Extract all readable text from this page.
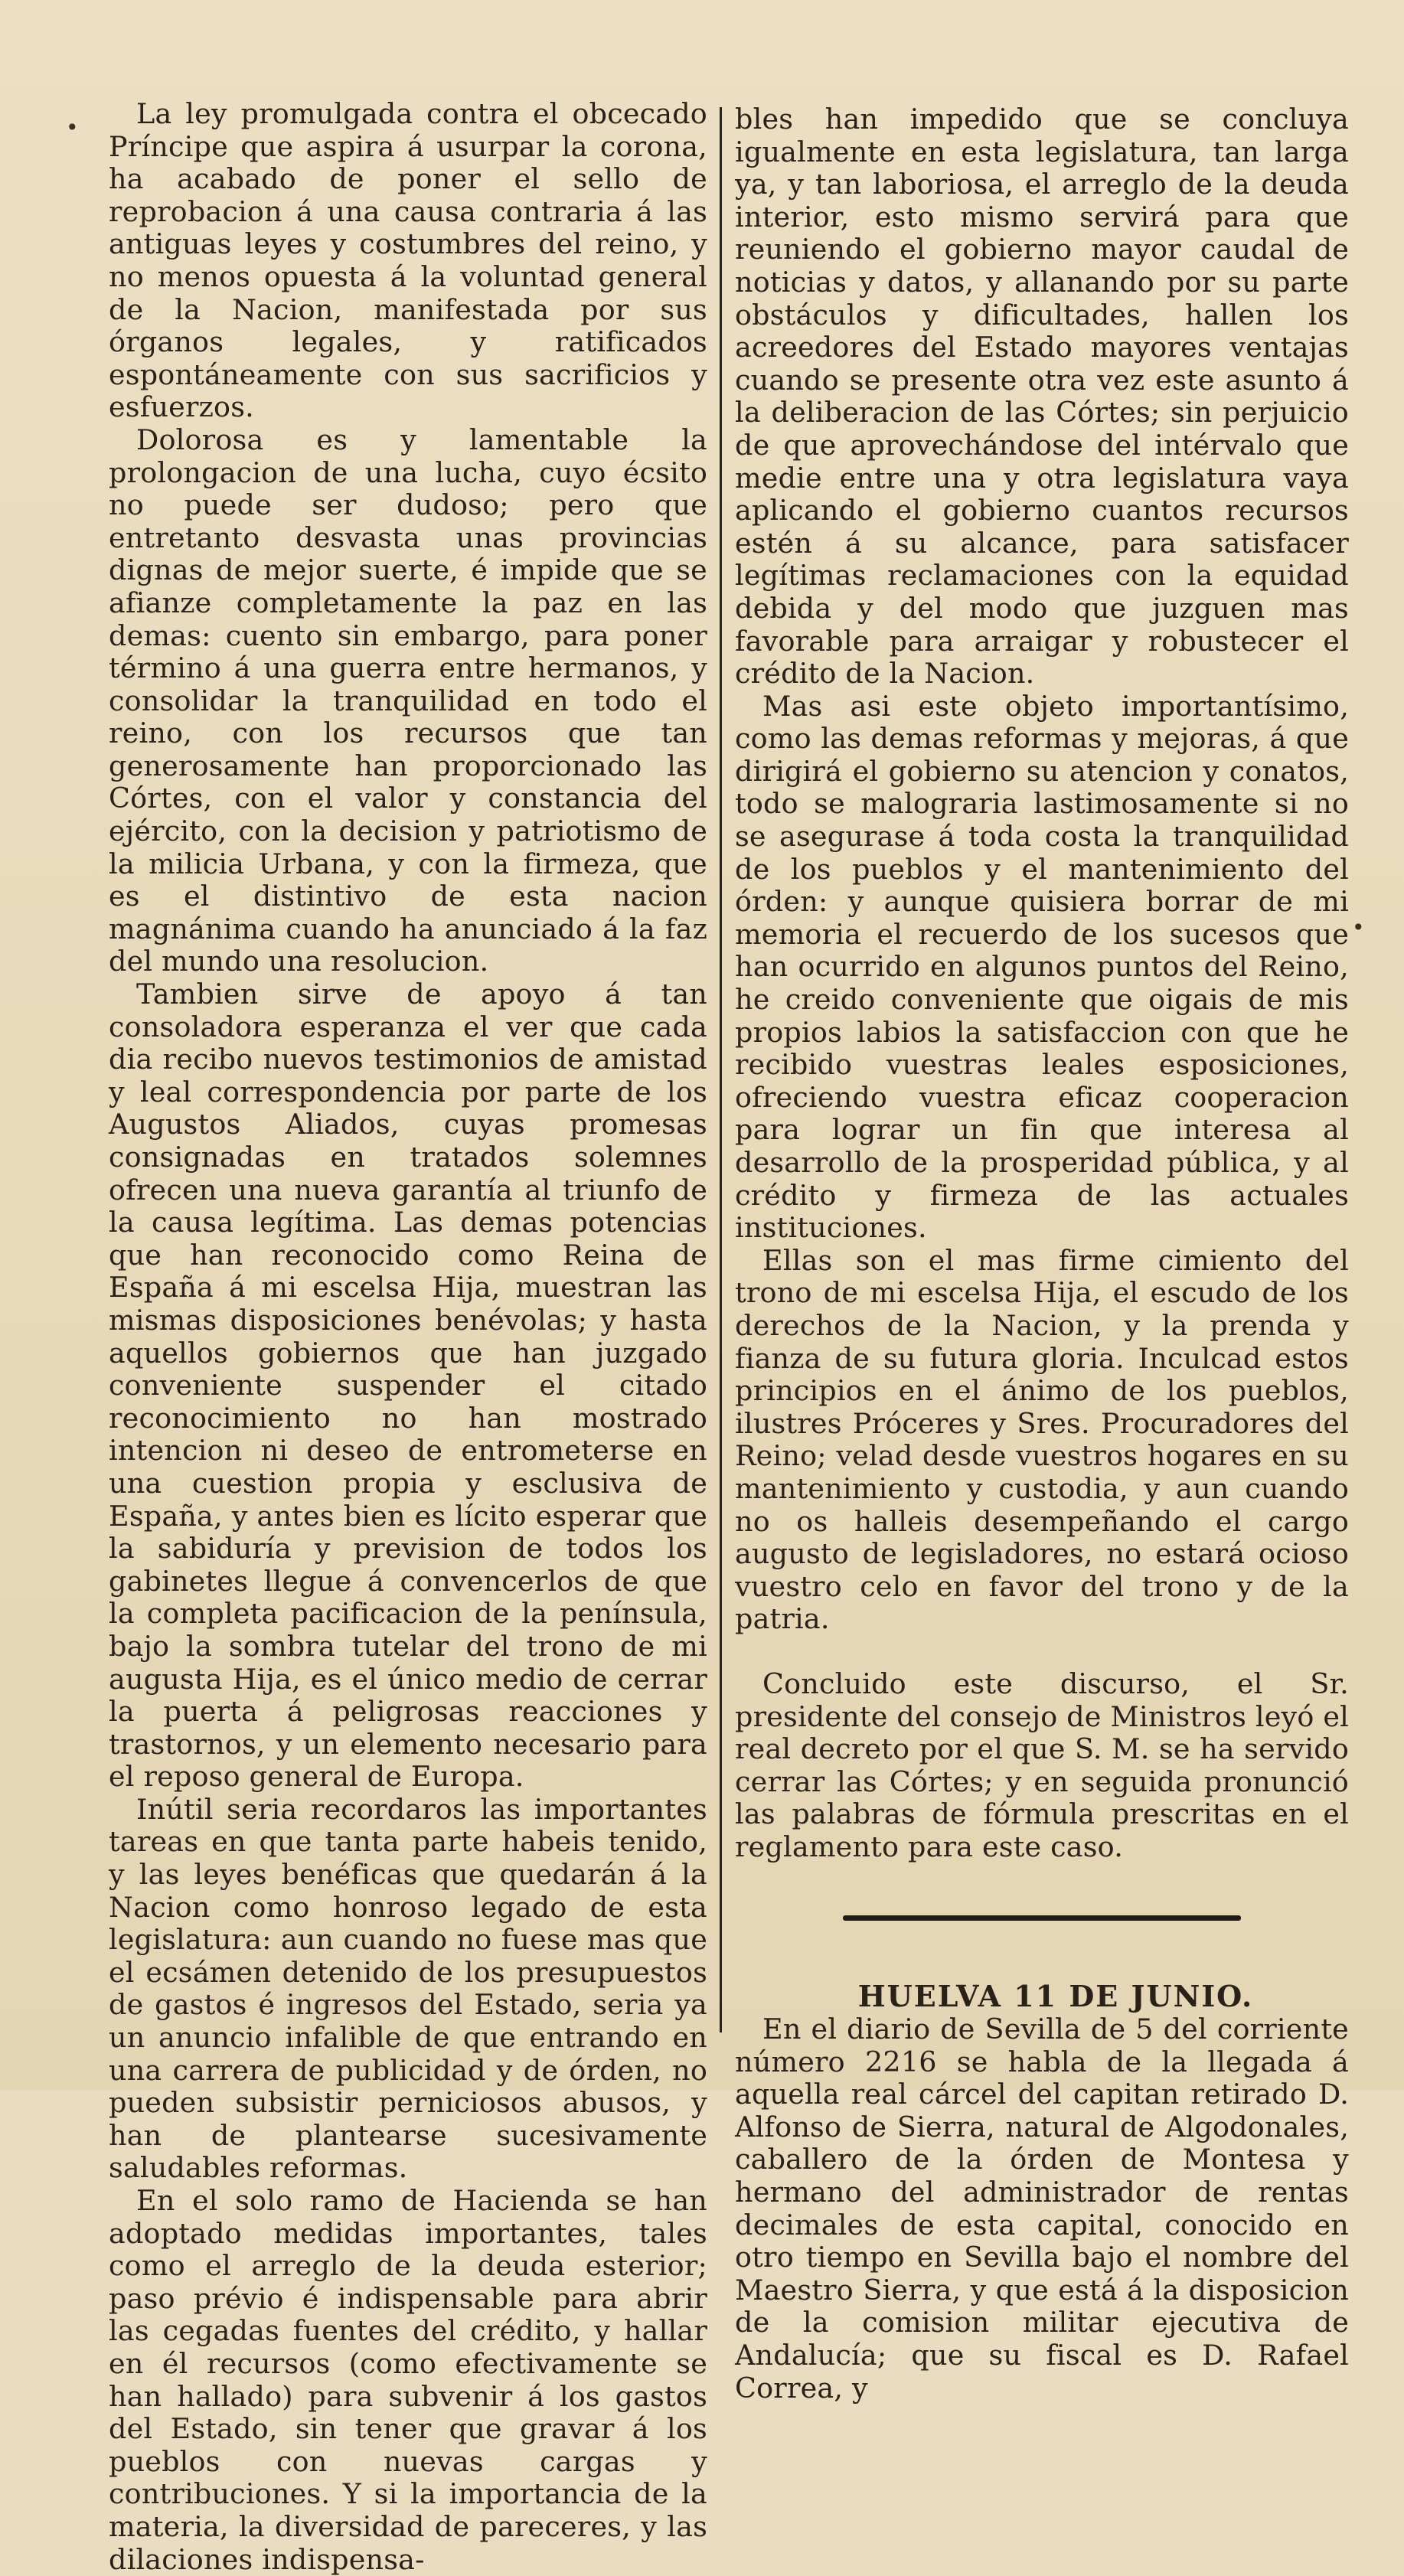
•
•

La ley promulgada contra el obcecado Príncipe que aspira á usurpar la corona, ha acabado de poner el sello de reprobacion á una causa contraria á las antiguas leyes y costumbres del reino, y no menos opuesta á la voluntad general de la Nacion, manifestada por sus órganos legales, y ratificados espontáneamente con sus sacrificios y esfuerzos.

Dolorosa es y lamentable la prolongacion de una lucha, cuyo écsito no puede ser dudoso; pero que entretanto desvasta unas provincias dignas de mejor suerte, é impide que se afianze completamente la paz en las demas: cuento sin embargo, para poner término á una guerra entre hermanos, y consolidar la tranquilidad en todo el reino, con los recursos que tan generosamente han proporcionado las Córtes, con el valor y constancia del ejército, con la decision y patriotismo de la milicia Urbana, y con la firmeza, que es el distintivo de esta nacion magnánima cuando ha anunciado á la faz del mundo una resolucion.

Tambien sirve de apoyo á tan consoladora esperanza el ver que cada dia recibo nuevos testimonios de amistad y leal correspondencia por parte de los Augustos Aliados, cuyas promesas consignadas en tratados solemnes ofrecen una nueva garantía al triunfo de la causa legítima. Las demas potencias que han reconocido como Reina de España á mi escelsa Hija, muestran las mismas disposiciones benévolas; y hasta aquellos gobiernos que han juzgado conveniente suspender el citado reconocimiento no han mostrado intencion ni deseo de entrometerse en una cuestion propia y esclusiva de España, y antes bien es lícito esperar que la sabiduría y prevision de todos los gabinetes llegue á convencerlos de que la completa pacificacion de la península, bajo la sombra tutelar del trono de mi augusta Hija, es el único medio de cerrar la puerta á peligrosas reacciones y trastornos, y un elemento necesario para el reposo general de Europa.

Inútil seria recordaros las importantes tareas en que tanta parte habeis tenido, y las leyes benéficas que quedarán á la Nacion como honroso legado de esta legislatura: aun cuando no fuese mas que el ecsámen detenido de los presupuestos de gastos é ingresos del Estado, seria ya un anuncio infalible de que entrando en una carrera de publicidad y de órden, no pueden subsistir perniciosos abusos, y han de plantearse sucesivamente saludables reformas.

En el solo ramo de Hacienda se han adoptado medidas importantes, tales como el arreglo de la deuda esterior; paso prévio é indispensable para abrir las cegadas fuentes del crédito, y hallar en él recursos (como efectivamente se han hallado) para subvenir á los gastos del Estado, sin tener que gravar á los pueblos con nuevas cargas y contribuciones. Y si la importancia de la materia, la diversidad de pareceres, y las dilaciones indispensa-

bles han impedido que se concluya igualmente en esta legislatura, tan larga ya, y tan laboriosa, el arreglo de la deuda interior, esto mismo servirá para que reuniendo el gobierno mayor caudal de noticias y datos, y allanando por su parte obstáculos y dificultades, hallen los acreedores del Estado mayores ventajas cuando se presente otra vez este asunto á la deliberacion de las Córtes; sin perjuicio de que aprovechándose del intérvalo que medie entre una y otra legislatura vaya aplicando el gobierno cuantos recursos estén á su alcance, para satisfacer legítimas reclamaciones con la equidad debida y del modo que juzguen mas favorable para arraigar y robustecer el crédito de la Nacion.

Mas asi este objeto importantísimo, como las demas reformas y mejoras, á que dirigirá el gobierno su atencion y conatos, todo se malograria lastimosamente si no se asegurase á toda costa la tranquilidad de los pueblos y el mantenimiento del órden: y aunque quisiera borrar de mi memoria el recuerdo de los sucesos que han ocurrido en algunos puntos del Reino, he creido conveniente que oigais de mis propios labios la satisfaccion con que he recibido vuestras leales esposiciones, ofreciendo vuestra eficaz cooperacion para lograr un fin que interesa al desarrollo de la prosperidad pública, y al crédito y firmeza de las actuales instituciones.

Ellas son el mas firme cimiento del trono de mi escelsa Hija, el escudo de los derechos de la Nacion, y la prenda y fianza de su futura gloria. Inculcad estos principios en el ánimo de los pueblos, ilustres Próceres y Sres. Procuradores del Reino; velad desde vuestros hogares en su mantenimiento y custodia, y aun cuando no os halleis desempeñando el cargo augusto de legisladores, no estará ocioso vuestro celo en favor del trono y de la patria.

Concluido este discurso, el Sr. presidente del consejo de Ministros leyó el real decreto por el que S. M. se ha servido cerrar las Córtes; y en seguida pronunció las palabras de fórmula prescritas en el reglamento para este caso.

HUELVA 11 DE JUNIO.

En el diario de Sevilla de 5 del corriente número 2216 se habla de la llegada á aquella real cárcel del capitan retirado D. Alfonso de Sierra, natural de Algodonales, caballero de la órden de Montesa y hermano del administrador de rentas decimales de esta capital, conocido en otro tiempo en Sevilla bajo el nombre del Maestro Sierra, y que está á la disposicion de la comision militar ejecutiva de Andalucía; que su fiscal es D. Rafael Correa, y
